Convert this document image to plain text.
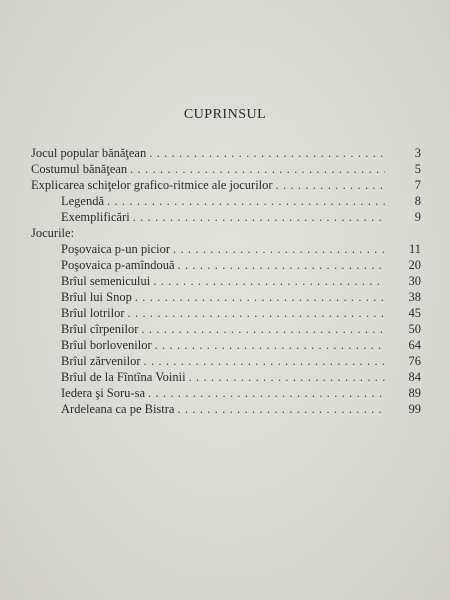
CUPRINSUL
Jocul popular bănăţean . . .	3
Costumul bănăţean . . .	5
Explicarea schiţelor grafico-ritmice ale jocurilor . . .	7
Legendă . . .	8
Exemplificări . . .	9
Jocurile:
Poşovaica p-un picior . . .	11
Poşovaica p-amîndouă . . .	20
Brîul semenicului . . .	30
Brîul lui Snop . . .	38
Brîul lotrilor . . .	45
Brîul cîrpenilor . . .	50
Brîul borlovenilor . . .	64
Brîul zărvenilor . . .	76
Brîul de la Fîntîna Voinii . . .	84
Iedera şi Soru-sa . . .	89
Ardeleana ca pe Bistra . . .	99
